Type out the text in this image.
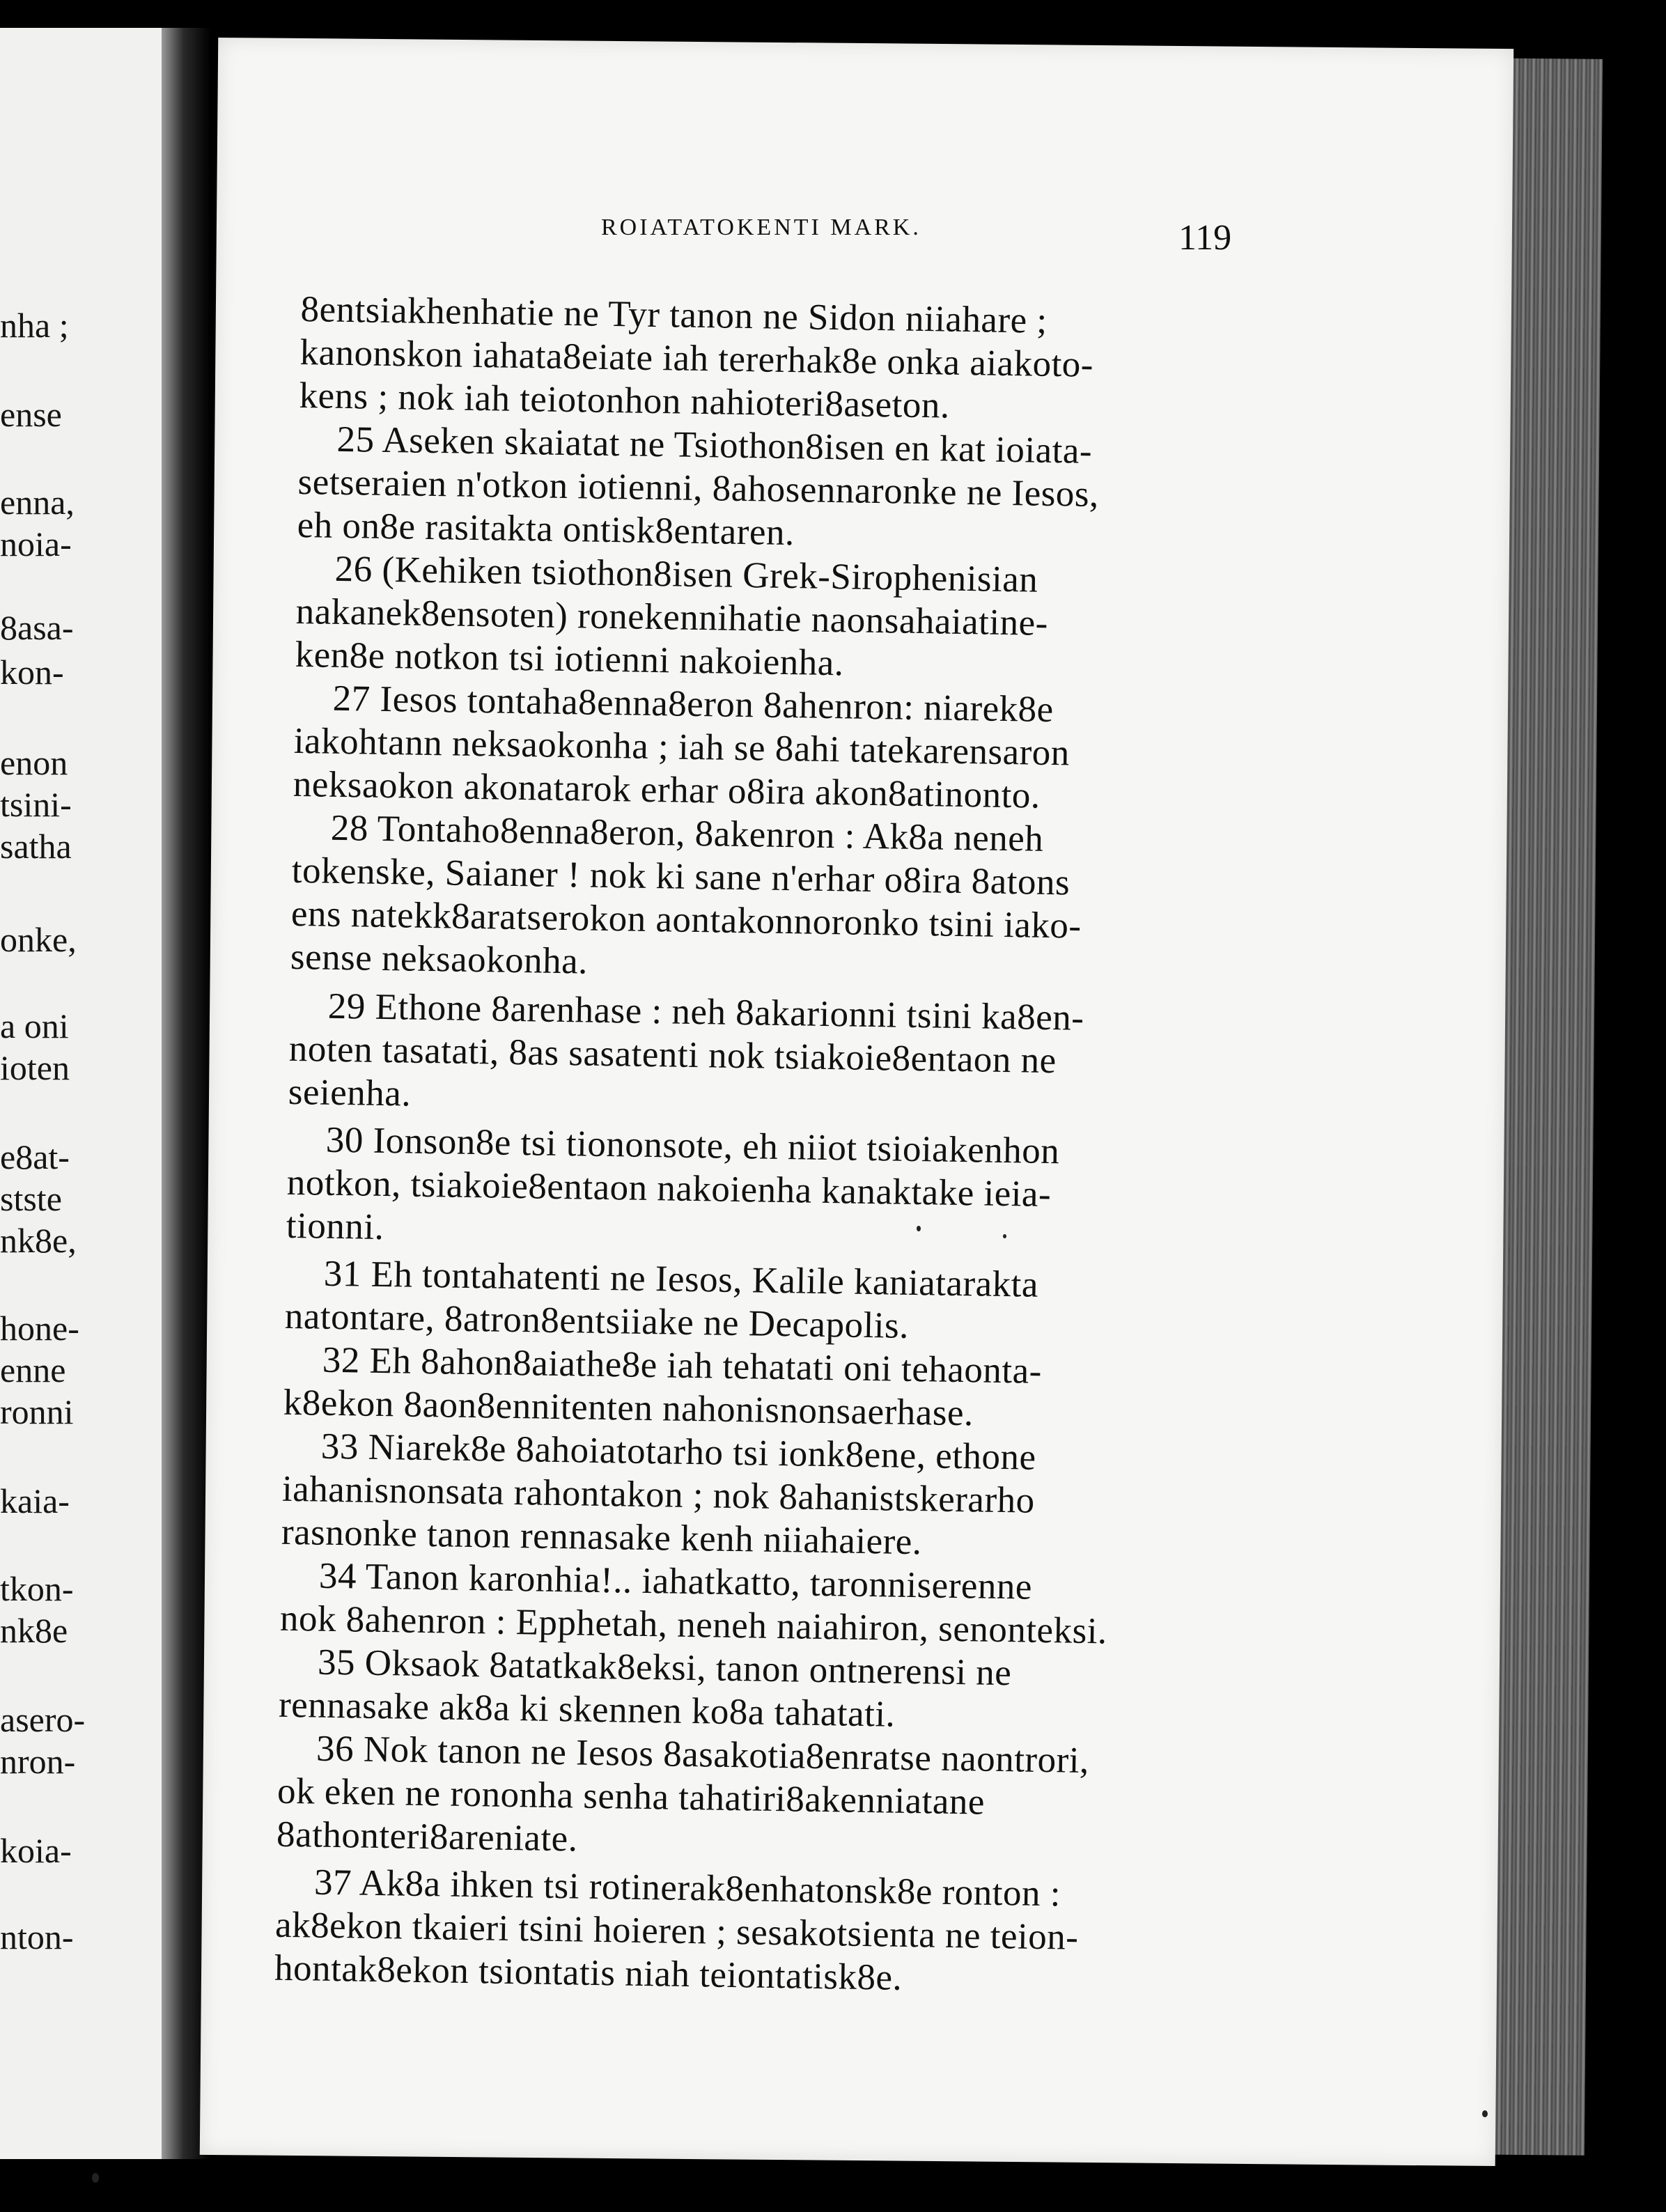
nha ;
ense
enna,
noia-
8asa-
kon-
enon
tsini-
satha
onke,
a oni
ioten
e8at-
stste
nk8e,
hone-
enne
ronni
kaia-
tkon-
nk8e
asero-
nron-
koia-
nton-
ROIATATOKENTI MARK.	119
8entsiakhenhatie ne Tyr tanon ne Sidon niiahare ;
kanonskon iahata8eiate iah tererhak8e onka aiakoto-
kens ; nok iah teiotonhon nahioteri8aseton.
25 Aseken skaiatat ne Tsiothon8isen en kat ioiata-
setseraien n'otkon iotienni, 8ahosennaronke ne Iesos,
eh on8e rasitakta ontisk8entaren.
26 (Kehiken tsiothon8isen Grek-Sirophenisian
nakanek8ensoten) ronekennihatie naonsahaiatine-
ken8e notkon tsi iotienni nakoienha.
27 Iesos tontaha8enna8eron 8ahenron: niarek8e
iakohtann neksaokonha ; iah se 8ahi tatekarensaron
neksaokon akonatarok erhar o8ira akon8atinonto.
28 Tontaho8enna8eron, 8akenron : Ak8a neneh
tokenske, Saianer ! nok ki sane n'erhar o8ira 8atons
ens natekk8aratserokon aontakonnoronko tsini iako-
sense neksaokonha.
29 Ethone 8arenhase : neh 8akarionni tsini ka8en-
noten tasatati, 8as sasatenti nok tsiakoie8entaon ne
seienha.
30 Ionson8e tsi tiononsote, eh niiot tsioiakenhon
notkon, tsiakoie8entaon nakoienha kanaktake ieia-
tionni.
31 Eh tontahatenti ne Iesos, Kalile kaniatarakta
natontare, 8atron8entsiiake ne Decapolis.
32 Eh 8ahon8aiathe8e iah tehatati oni tehaonta-
k8ekon 8aon8ennitenten nahonisnonsaerhase.
33 Niarek8e 8ahoiatotarho tsi ionk8ene, ethone
iahanisnonsata rahontakon ; nok 8ahanistskerarho
rasnonke tanon rennasake kenh niiahaiere.
34 Tanon karonhia!.. iahatkatto, taronniserenne
nok 8ahenron : Epphetah, neneh naiahiron, senonteksi.
35 Oksaok 8atatkak8eksi, tanon ontnerensi ne
rennasake ak8a ki skennen ko8a tahatati.
36 Nok tanon ne Iesos 8asakotia8enratse naontrori,
ok eken ne rononha senha tahatiri8akenniatane
8athonteri8areniate.
37 Ak8a ihken tsi rotinerak8enhatonsk8e ronton :
ak8ekon tkaieri tsini hoieren ; sesakotsienta ne teion-
hontak8ekon tsiontatis niah teiontatisk8e.
